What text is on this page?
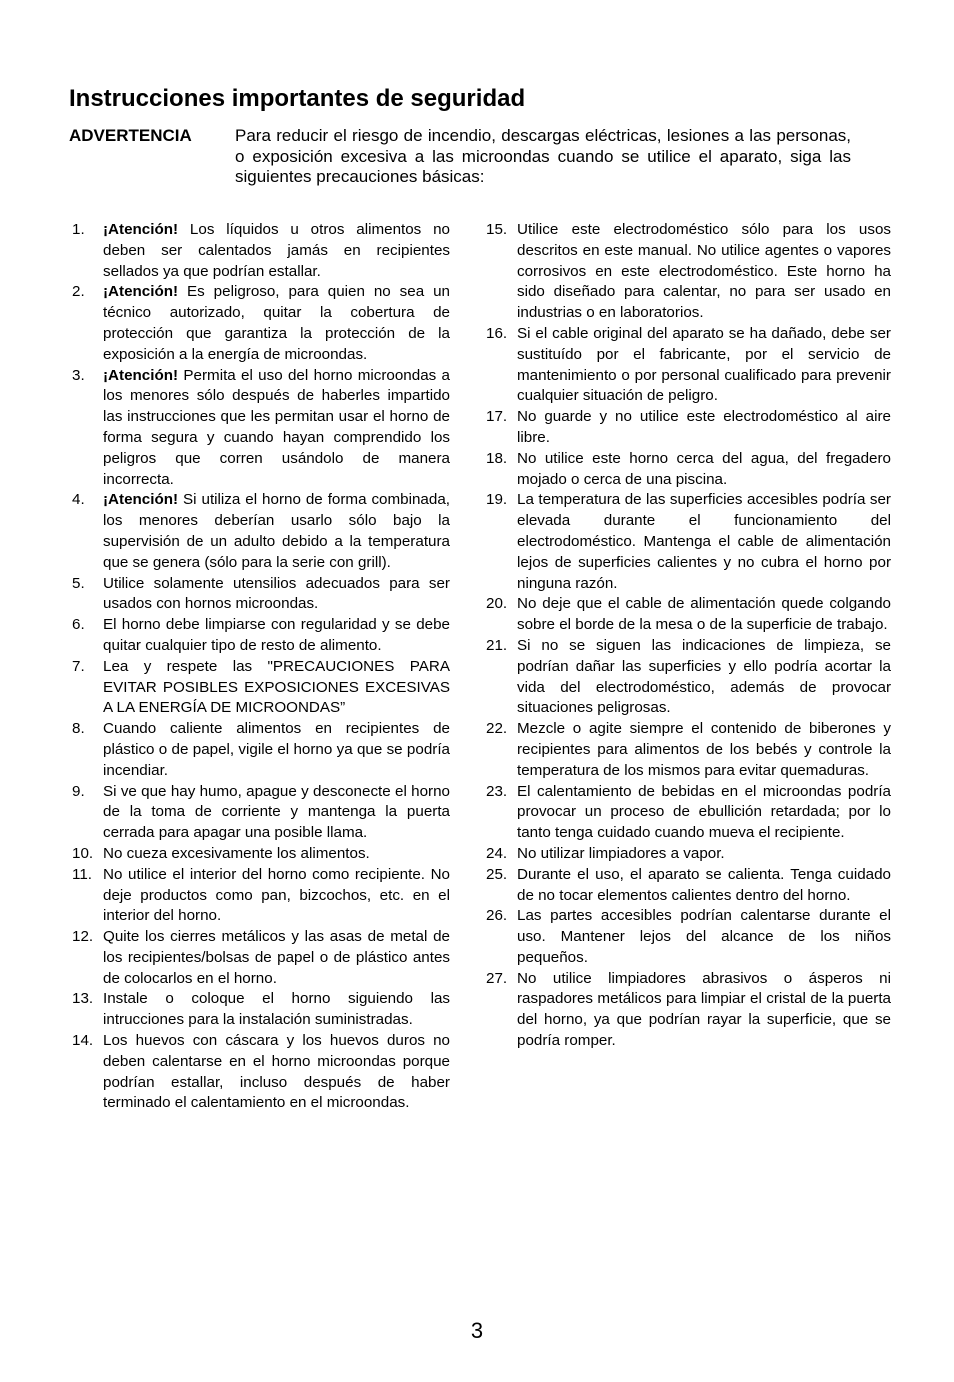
Instrucciones importantes de seguridad
ADVERTENCIA	Para reducir el riesgo de incendio, descargas eléctricas, lesiones a las personas, o exposición excesiva a las microondas cuando se utilice el aparato, siga las siguientes precauciones básicas:

1.	¡Atención! Los líquidos u otros alimentos no deben ser calentados jamás en recipientes sellados ya que podrían estallar.
2.	¡Atención! Es peligroso, para quien no sea un técnico autorizado, quitar la cobertura de protección que garantiza la protección de la exposición a la energía de microondas.
3.	¡Atención! Permita el uso del horno microondas a los menores sólo después de haberles impartido las instrucciones que les permitan usar el horno de forma segura y cuando hayan comprendido los peligros que corren usándolo de manera incorrecta.
4.	¡Atención! Si utiliza el horno de forma combinada, los menores deberían usarlo sólo bajo la supervisión de un adulto debido a la temperatura que se genera (sólo para la serie con grill).
5.	Utilice solamente utensilios adecuados para ser usados con hornos microondas.
6.	El horno debe limpiarse con regularidad y se debe quitar cualquier tipo de resto de alimento.
7.	Lea y respete las "PRECAUCIONES PARA EVITAR POSIBLES EXPOSICIONES EXCESIVAS A LA ENERGÍA DE MICROONDAS”
8.	Cuando caliente alimentos en recipientes de plástico o de papel, vigile el horno ya que se podría incendiar.
9.	Si ve que hay humo, apague y desconecte el horno de la toma de corriente y mantenga la puerta cerrada para apagar una posible llama.
10. No cueza excesivamente los alimentos.
11. No utilice el interior del horno como recipiente. No deje productos como pan, bizcochos, etc. en el interior del horno.
12. Quite los cierres metálicos y las asas de metal de los recipientes/bolsas de papel o de plástico antes de colocarlos en el horno.
13. Instale o coloque el horno siguiendo las intrucciones para la instalación suministradas.
14. Los huevos con cáscara y los huevos duros no deben calentarse en el horno microondas porque podrían estallar, incluso después de haber terminado el calentamiento en el microondas.
15. Utilice este electrodoméstico sólo para los usos descritos en este manual. No utilice agentes o vapores corrosivos en este electrodoméstico. Este horno ha sido diseñado para calentar, no para ser usado en industrias o en laboratorios.
16. Si el cable original del aparato se ha dañado, debe ser sustituído por el fabricante, por el servicio de mantenimiento o por personal cualificado para prevenir cualquier situación de peligro.
17. No guarde y no utilice este electrodoméstico al aire libre.
18. No utilice este horno cerca del agua, del fregadero mojado o cerca de una piscina.
19. La temperatura de las superficies accesibles podría ser elevada durante el funcionamiento del electrodoméstico. Mantenga el cable de alimentación lejos de superficies calientes y no cubra el horno por ninguna razón.
20. No deje que el cable de alimentación quede colgando sobre el borde de la mesa o de la superficie de trabajo.
21. Si no se siguen las indicaciones de limpieza, se podrían dañar las superficies y ello podría acortar la vida del electrodoméstico, además de provocar situaciones peligrosas.
22. Mezcle o agite siempre el contenido de biberones y recipientes para alimentos de los bebés y controle la temperatura de los mismos para evitar quemaduras.
23. El calentamiento de bebidas en el microondas podría provocar un proceso de ebullición retardada; por lo tanto tenga cuidado cuando mueva el recipiente.
24. No utilizar limpiadores a vapor.
25. Durante el uso, el aparato se calienta. Tenga cuidado de no tocar elementos calientes dentro del horno.
26. Las partes accesibles podrían calentarse durante el uso. Mantener lejos del alcance de los niños pequeños.
27. No utilice limpiadores abrasivos o ásperos ni raspadores metálicos para limpiar el cristal de la puerta del horno, ya que podrían rayar la superficie, que se podría romper.
3
